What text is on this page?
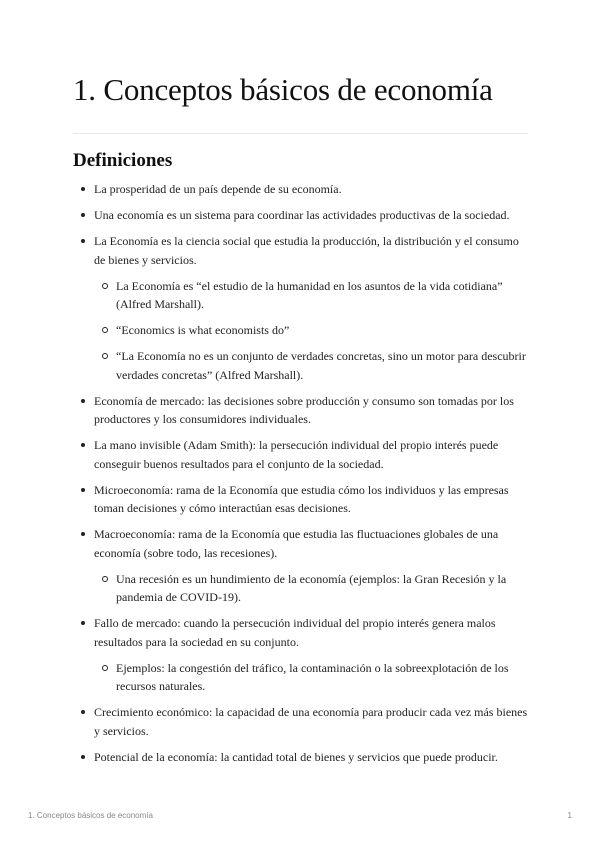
1. Conceptos básicos de economía
Definiciones
La prosperidad de un país depende de su economía.
Una economía es un sistema para coordinar las actividades productivas de la sociedad.
La Economía es la ciencia social que estudia la producción, la distribución y el consumo de bienes y servicios.
La Economía es “el estudio de la humanidad en los asuntos de la vida cotidiana” (Alfred Marshall).
“Economics is what economists do”
“La Economía no es un conjunto de verdades concretas, sino un motor para descubrir verdades concretas” (Alfred Marshall).
Economía de mercado: las decisiones sobre producción y consumo son tomadas por los productores y los consumidores individuales.
La mano invisible (Adam Smith): la persecución individual del propio interés puede conseguir buenos resultados para el conjunto de la sociedad.
Microeconomía: rama de la Economía que estudia cómo los individuos y las empresas toman decisiones y cómo interactúan esas decisiones.
Macroeconomía: rama de la Economía que estudia las fluctuaciones globales de una economía (sobre todo, las recesiones).
Una recesión es un hundimiento de la economía (ejemplos: la Gran Recesión y la pandemia de COVID-19).
Fallo de mercado: cuando la persecución individual del propio interés genera malos resultados para la sociedad en su conjunto.
Ejemplos: la congestión del tráfico, la contaminación o la sobreexplotación de los recursos naturales.
Crecimiento económico: la capacidad de una economía para producir cada vez más bienes y servicios.
Potencial de la economía: la cantidad total de bienes y servicios que puede producir.
1. Conceptos básicos de economía	1
